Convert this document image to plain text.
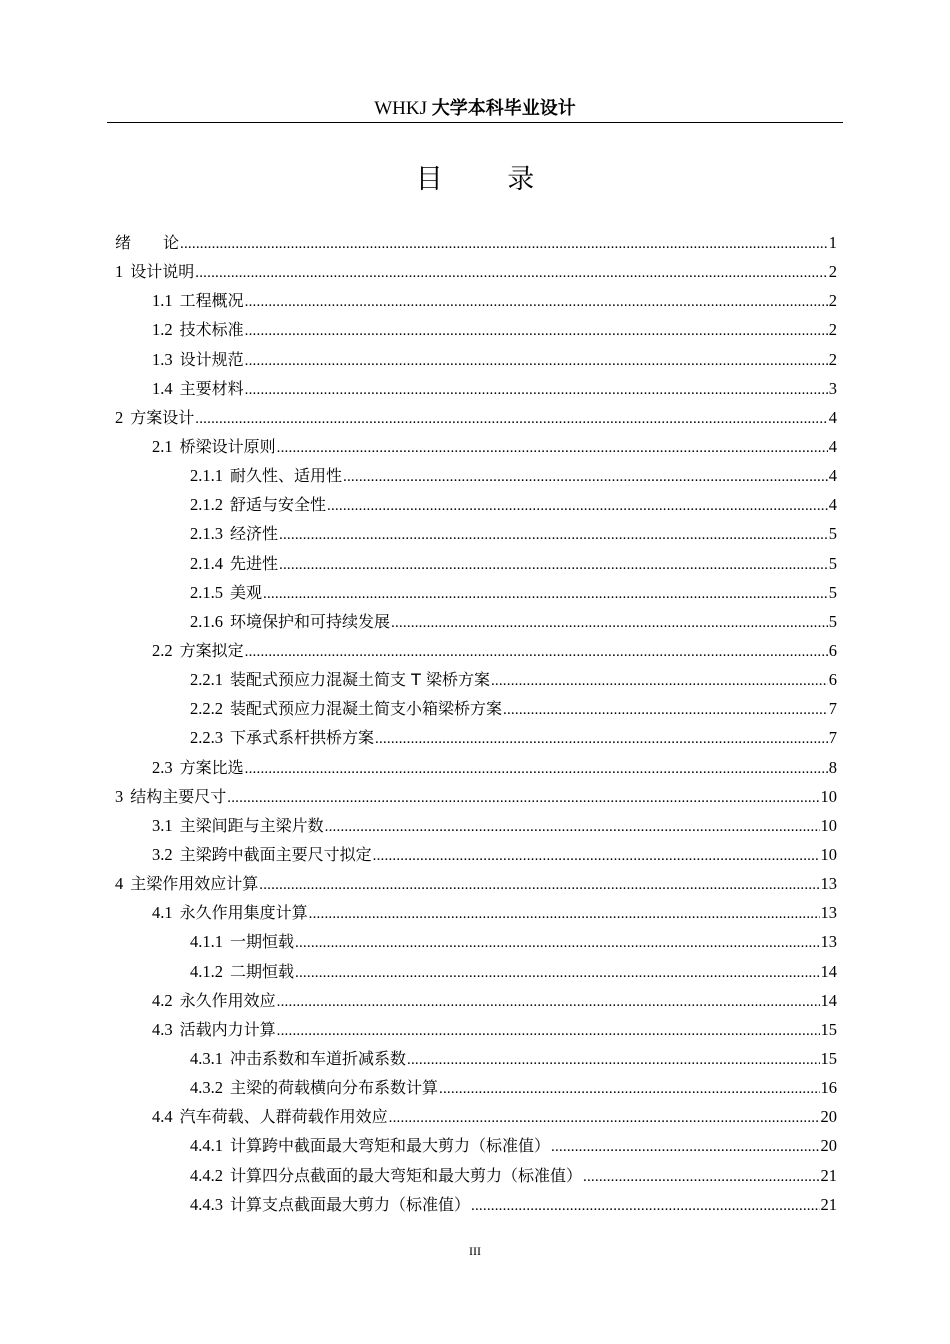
WHKJ 大学本科毕业设计
目 录
绪　　论 .....	1
1 设计说明 .....	2
1.1 工程概况 .....	2
1.2 技术标准 .....	2
1.3 设计规范 .....	2
1.4 主要材料 .....	3
2 方案设计 .....	4
2.1 桥梁设计原则 .....	4
2.1.1 耐久性、适用性 .....	4
2.1.2 舒适与安全性 .....	4
2.1.3 经济性 .....	5
2.1.4 先进性 .....	5
2.1.5 美观 .....	5
2.1.6 环境保护和可持续发展 .....	5
2.2 方案拟定 .....	6
2.2.1 装配式预应力混凝土简支 T 梁桥方案 .....	6
2.2.2 装配式预应力混凝土简支小箱梁桥方案 .....	7
2.2.3 下承式系杆拱桥方案 .....	7
2.3 方案比选 .....	8
3 结构主要尺寸 .....	10
3.1 主梁间距与主梁片数 .....	10
3.2 主梁跨中截面主要尺寸拟定 .....	10
4 主梁作用效应计算 .....	13
4.1 永久作用集度计算 .....	13
4.1.1 一期恒载 .....	13
4.1.2 二期恒载 .....	14
4.2 永久作用效应 .....	14
4.3 活载内力计算 .....	15
4.3.1 冲击系数和车道折减系数 .....	15
4.3.2 主梁的荷载横向分布系数计算 .....	16
4.4 汽车荷载、人群荷载作用效应 .....	20
4.4.1 计算跨中截面最大弯矩和最大剪力（标准值） .....	20
4.4.2 计算四分点截面的最大弯矩和最大剪力（标准值） .....	21
4.4.3 计算支点截面最大剪力（标准值） .....	21
III
